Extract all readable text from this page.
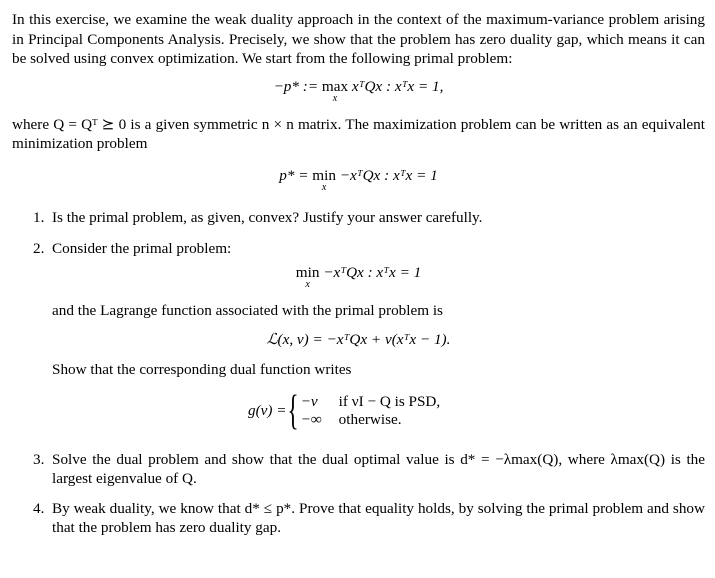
In this exercise, we examine the weak duality approach in the context of the maximum-variance problem arising in Principal Components Analysis. Precisely, we show that the problem has zero duality gap, which means it can be solved using convex optimization. We start from the following primal problem:

−p* := max
x
xᵀQx : xᵀx = 1,

where Q = Qᵀ ⪰ 0 is a given symmetric n × n matrix. The maximization problem can be written as an equivalent minimization problem

p* = min
x
−xᵀQx : xᵀx = 1
1. Is the primal problem, as given, convex? Justify your answer carefully.
2. Consider the primal problem:
min
x
−xᵀQx : xᵀx = 1
and the Lagrange function associated with the primal problem is
ℒ(x, ν) = −xᵀQx + ν(xᵀx − 1).
Show that the corresponding dual function writes
g(ν) = { −ν	if νI − Q is PSD,
−∞	otherwise.
3. Solve the dual problem and show that the dual optimal value is d* = −λmax(Q), where λmax(Q) is the largest eigenvalue of Q.
4. By weak duality, we know that d* ≤ p*. Prove that equality holds, by solving the primal problem and show that the problem has zero duality gap.
